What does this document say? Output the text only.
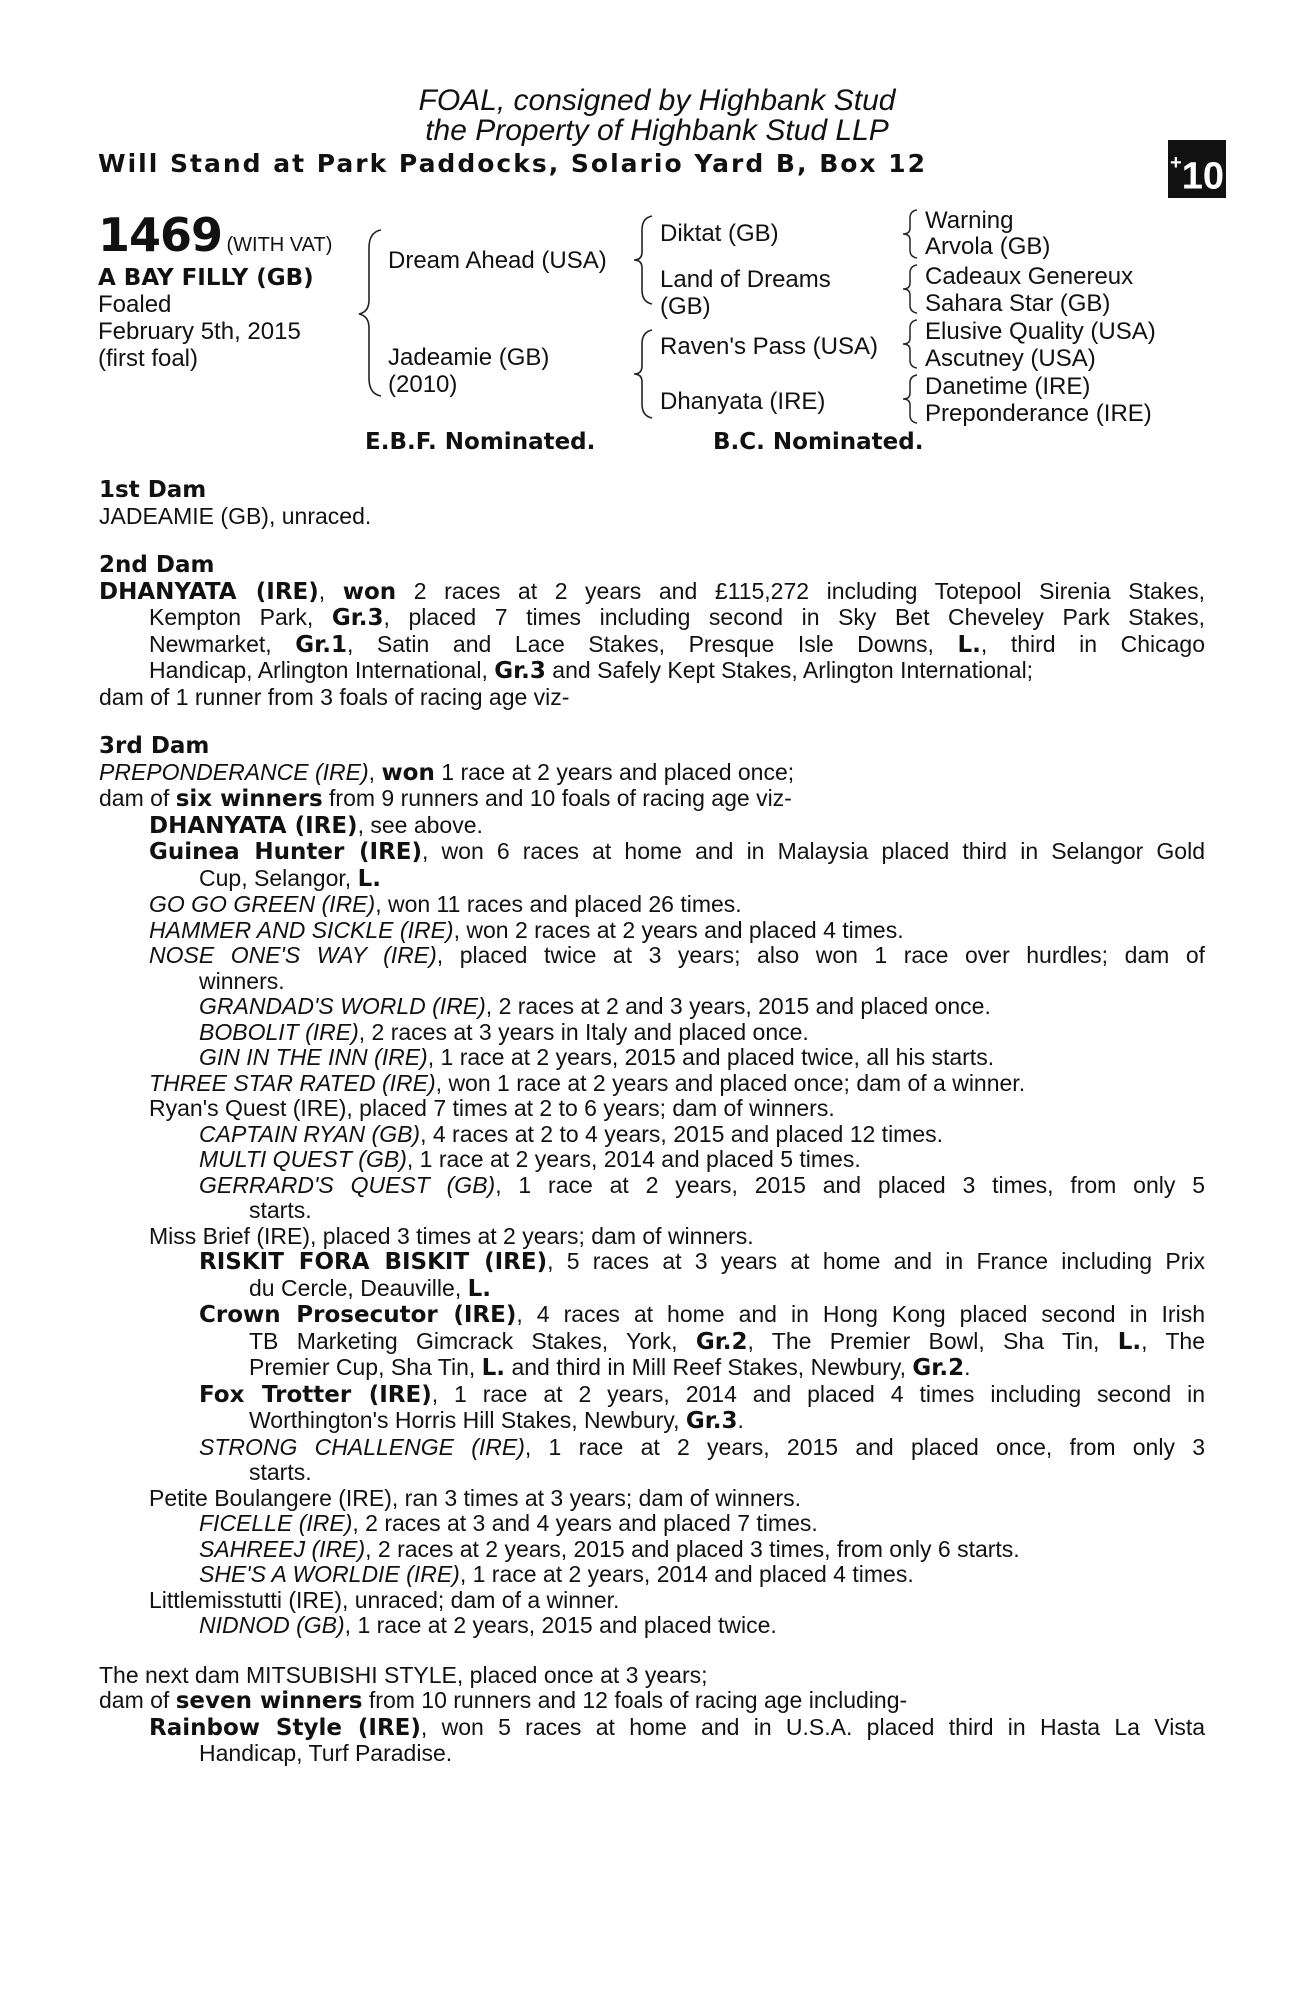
FOAL, consigned by Highbank Stud
the Property of Highbank Stud LLP
Will Stand at Park Paddocks, Solario Yard B, Box 12	+10
1469 (WITH VAT)
A BAY FILLY (GB)
Foaled
February 5th, 2015
(first foal)
Dream Ahead (USA)
Jadeamie (GB)
(2010)
Diktat (GB)
Land of Dreams
(GB)
Raven's Pass (USA)
Dhanyata (IRE)
Warning
Arvola (GB)
Cadeaux Genereux
Sahara Star (GB)
Elusive Quality (USA)
Ascutney (USA)
Danetime (IRE)
Preponderance (IRE)
E.B.F. Nominated.	B.C. Nominated.
1st Dam
JADEAMIE (GB), unraced.
2nd Dam
DHANYATA (IRE), won 2 races at 2 years and £115,272 including Totepool Sirenia Stakes,
Kempton Park, Gr.3, placed 7 times including second in Sky Bet Cheveley Park Stakes,
Newmarket, Gr.1, Satin and Lace Stakes, Presque Isle Downs, L., third in Chicago
Handicap, Arlington International, Gr.3 and Safely Kept Stakes, Arlington International;
dam of 1 runner from 3 foals of racing age viz-
3rd Dam
PREPONDERANCE (IRE), won 1 race at 2 years and placed once;
dam of six winners from 9 runners and 10 foals of racing age viz-
DHANYATA (IRE), see above.
Guinea Hunter (IRE), won 6 races at home and in Malaysia placed third in Selangor Gold
Cup, Selangor, L.
GO GO GREEN (IRE), won 11 races and placed 26 times.
HAMMER AND SICKLE (IRE), won 2 races at 2 years and placed 4 times.
NOSE ONE'S WAY (IRE), placed twice at 3 years; also won 1 race over hurdles; dam of
winners.
GRANDAD'S WORLD (IRE), 2 races at 2 and 3 years, 2015 and placed once.
BOBOLIT (IRE), 2 races at 3 years in Italy and placed once.
GIN IN THE INN (IRE), 1 race at 2 years, 2015 and placed twice, all his starts.
THREE STAR RATED (IRE), won 1 race at 2 years and placed once; dam of a winner.
Ryan's Quest (IRE), placed 7 times at 2 to 6 years; dam of winners.
CAPTAIN RYAN (GB), 4 races at 2 to 4 years, 2015 and placed 12 times.
MULTI QUEST (GB), 1 race at 2 years, 2014 and placed 5 times.
GERRARD'S QUEST (GB), 1 race at 2 years, 2015 and placed 3 times, from only 5
starts.
Miss Brief (IRE), placed 3 times at 2 years; dam of winners.
RISKIT FORA BISKIT (IRE), 5 races at 3 years at home and in France including Prix
du Cercle, Deauville, L.
Crown Prosecutor (IRE), 4 races at home and in Hong Kong placed second in Irish
TB Marketing Gimcrack Stakes, York, Gr.2, The Premier Bowl, Sha Tin, L., The
Premier Cup, Sha Tin, L. and third in Mill Reef Stakes, Newbury, Gr.2.
Fox Trotter (IRE), 1 race at 2 years, 2014 and placed 4 times including second in
Worthington's Horris Hill Stakes, Newbury, Gr.3.
STRONG CHALLENGE (IRE), 1 race at 2 years, 2015 and placed once, from only 3
starts.
Petite Boulangere (IRE), ran 3 times at 3 years; dam of winners.
FICELLE (IRE), 2 races at 3 and 4 years and placed 7 times.
SAHREEJ (IRE), 2 races at 2 years, 2015 and placed 3 times, from only 6 starts.
SHE'S A WORLDIE (IRE), 1 race at 2 years, 2014 and placed 4 times.
Littlemisstutti (IRE), unraced; dam of a winner.
NIDNOD (GB), 1 race at 2 years, 2015 and placed twice.
The next dam MITSUBISHI STYLE, placed once at 3 years;
dam of seven winners from 10 runners and 12 foals of racing age including-
Rainbow Style (IRE), won 5 races at home and in U.S.A. placed third in Hasta La Vista
Handicap, Turf Paradise.
